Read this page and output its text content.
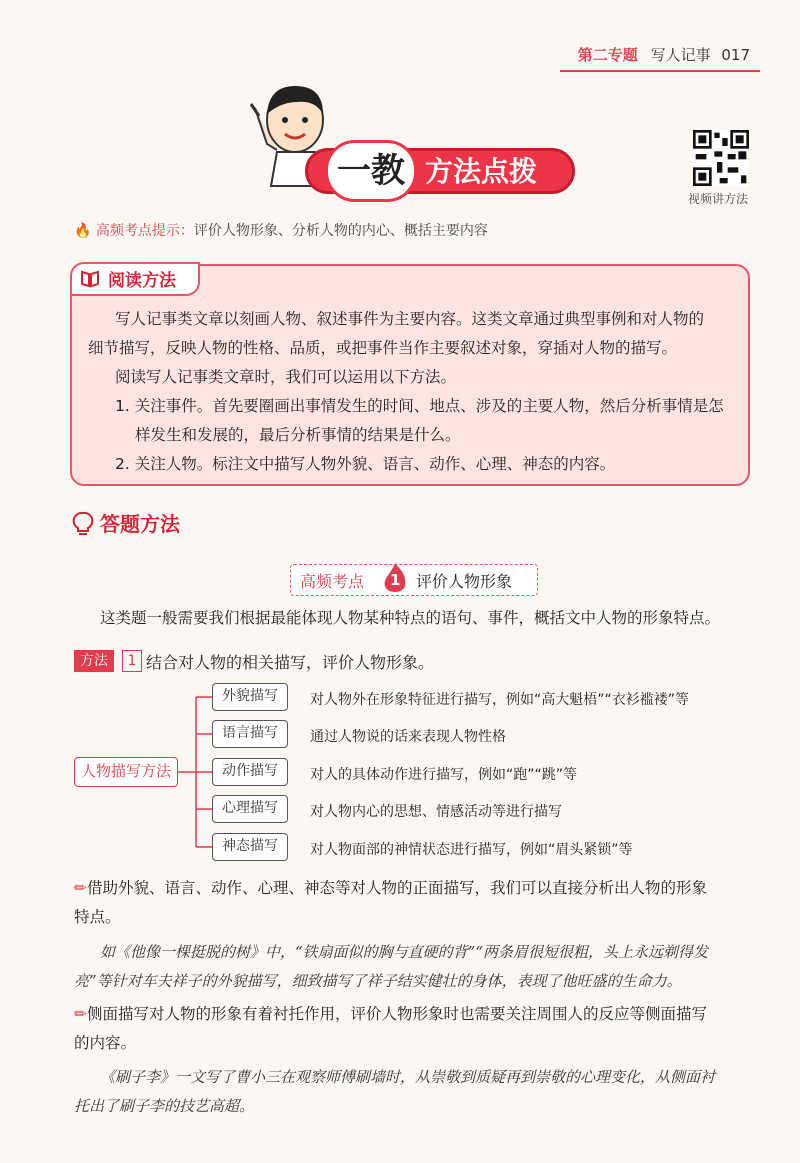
第二专题 写人记事 017
一教 方法点拨
视频讲方法
🔥 高频考点提示：评价人物形象、分析人物的内心、概括主要内容
阅读方法
写人记事类文章以刻画人物、叙述事件为主要内容。这类文章通过典型事例和对人物的
细节描写，反映人物的性格、品质，或把事件当作主要叙述对象，穿插对人物的描写。
阅读写人记事类文章时，我们可以运用以下方法。
1. 关注事件。首先要圈画出事情发生的时间、地点、涉及的主要人物，然后分析事情是怎
样发生和发展的，最后分析事情的结果是什么。
2. 关注人物。标注文中描写人物外貌、语言、动作、心理、神态的内容。
答题方法
高频考点 1 评价人物形象
这类题一般需要我们根据最能体现人物某种特点的语句、事件，概括文中人物的形象特点。
方法	1 结合对人物的相关描写，评价人物形象。
人物描写方法
外貌描写	对人物外在形象特征进行描写，例如“高大魁梧”“衣衫褴褛”等
语言描写	通过人物说的话来表现人物性格
动作描写	对人的具体动作进行描写，例如“跑”“跳”等
心理描写	对人物内心的思想、情感活动等进行描写
神态描写	对人物面部的神情状态进行描写，例如“眉头紧锁”等
✏借助外貌、语言、动作、心理、神态等对人物的正面描写，我们可以直接分析出人物的形象
特点。
如《他像一棵挺脱的树》中，“铁扇面似的胸与直硬的背”“两条眉很短很粗，头上永远剃得发
亮”等针对车夫祥子的外貌描写，细致描写了祥子结实健壮的身体，表现了他旺盛的生命力。
✏侧面描写对人物的形象有着衬托作用，评价人物形象时也需要关注周围人的反应等侧面描写
的内容。
《刷子李》一文写了曹小三在观察师傅刷墙时，从崇敬到质疑再到崇敬的心理变化，从侧面衬
托出了刷子李的技艺高超。
